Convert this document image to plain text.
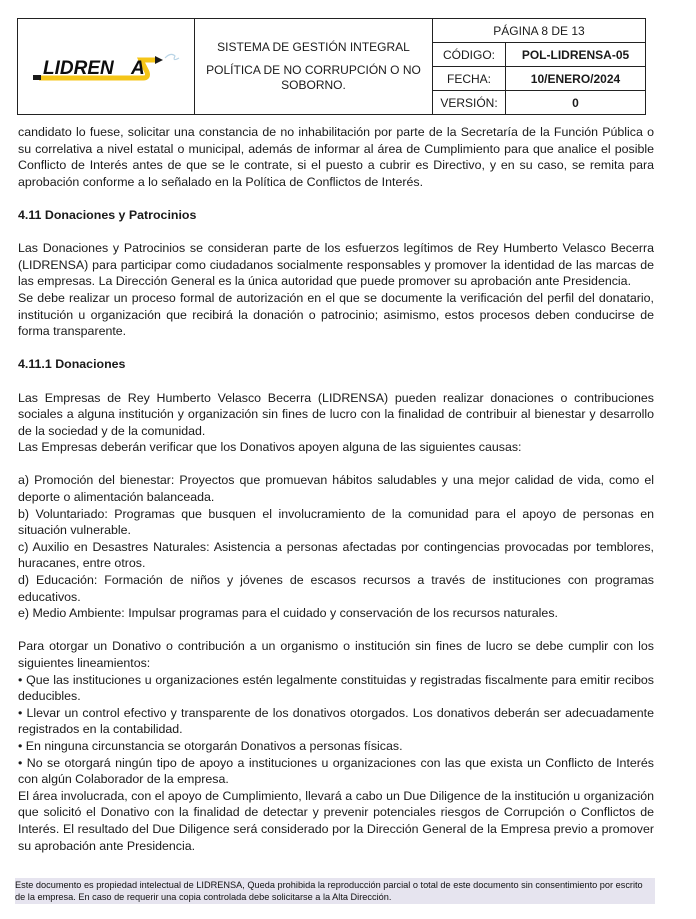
LIDREN A

SISTEMA DE GESTIÓN INTEGRAL
POLÍTICA DE NO CORRUPCIÓN O NO SOBORNO.
	PÁGINA 8 DE 13
		CÓDIGO:	POL-LIDRENSA-05
		FECHA:	10/ENERO/2024
		VERSIÓN:	0

candidato lo fuese, solicitar una constancia de no inhabilitación por parte de la Secretaría de la Función Pública o su correlativa a nivel estatal o municipal, además de informar al área de Cumplimiento para que analice el posible Conflicto de Interés antes de que se le contrate, si el puesto a cubrir es Directivo, y en su caso, se remita para aprobación conforme a lo señalado en la Política de Conflictos de Interés.

4.11 Donaciones y Patrocinios

Las Donaciones y Patrocinios se consideran parte de los esfuerzos legítimos de Rey Humberto Velasco Becerra (LIDRENSA) para participar como ciudadanos socialmente responsables y promover la identidad de las marcas de las empresas. La Dirección General es la única autoridad que puede promover su aprobación ante Presidencia.

Se debe realizar un proceso formal de autorización en el que se documente la verificación del perfil del donatario, institución u organización que recibirá la donación o patrocinio; asimismo, estos procesos deben conducirse de forma transparente.

4.11.1 Donaciones

Las Empresas de Rey Humberto Velasco Becerra (LIDRENSA) pueden realizar donaciones o contribuciones sociales a alguna institución y organización sin fines de lucro con la finalidad de contribuir al bienestar y desarrollo de la sociedad y de la comunidad.

Las Empresas deberán verificar que los Donativos apoyen alguna de las siguientes causas:

a) Promoción del bienestar: Proyectos que promuevan hábitos saludables y una mejor calidad de vida, como el deporte o alimentación balanceada.

b) Voluntariado: Programas que busquen el involucramiento de la comunidad para el apoyo de personas en situación vulnerable.

c) Auxilio en Desastres Naturales: Asistencia a personas afectadas por contingencias provocadas por temblores, huracanes, entre otros.

d) Educación: Formación de niños y jóvenes de escasos recursos a través de instituciones con programas educativos.

e) Medio Ambiente: Impulsar programas para el cuidado y conservación de los recursos naturales.

Para otorgar un Donativo o contribución a un organismo o institución sin fines de lucro se debe cumplir con los siguientes lineamientos:

• Que las instituciones u organizaciones estén legalmente constituidas y registradas fiscalmente para emitir recibos deducibles.

• Llevar un control efectivo y transparente de los donativos otorgados. Los donativos deberán ser adecuadamente registrados en la contabilidad.

• En ninguna circunstancia se otorgarán Donativos a personas físicas.

• No se otorgará ningún tipo de apoyo a instituciones u organizaciones con las que exista un Conflicto de Interés con algún Colaborador de la empresa.

El área involucrada, con el apoyo de Cumplimiento, llevará a cabo un Due Diligence de la institución u organización que solicitó el Donativo con la finalidad de detectar y prevenir potenciales riesgos de Corrupción o Conflictos de Interés. El resultado del Due Diligence será considerado por la Dirección General de la Empresa previo a promover su aprobación ante Presidencia.

Este documento es propiedad intelectual de LIDRENSA, Queda prohibida la reproducción parcial o total de este documento sin consentimiento por escrito de la empresa. En caso de requerir una copia controlada debe solicitarse a la Alta Dirección.
